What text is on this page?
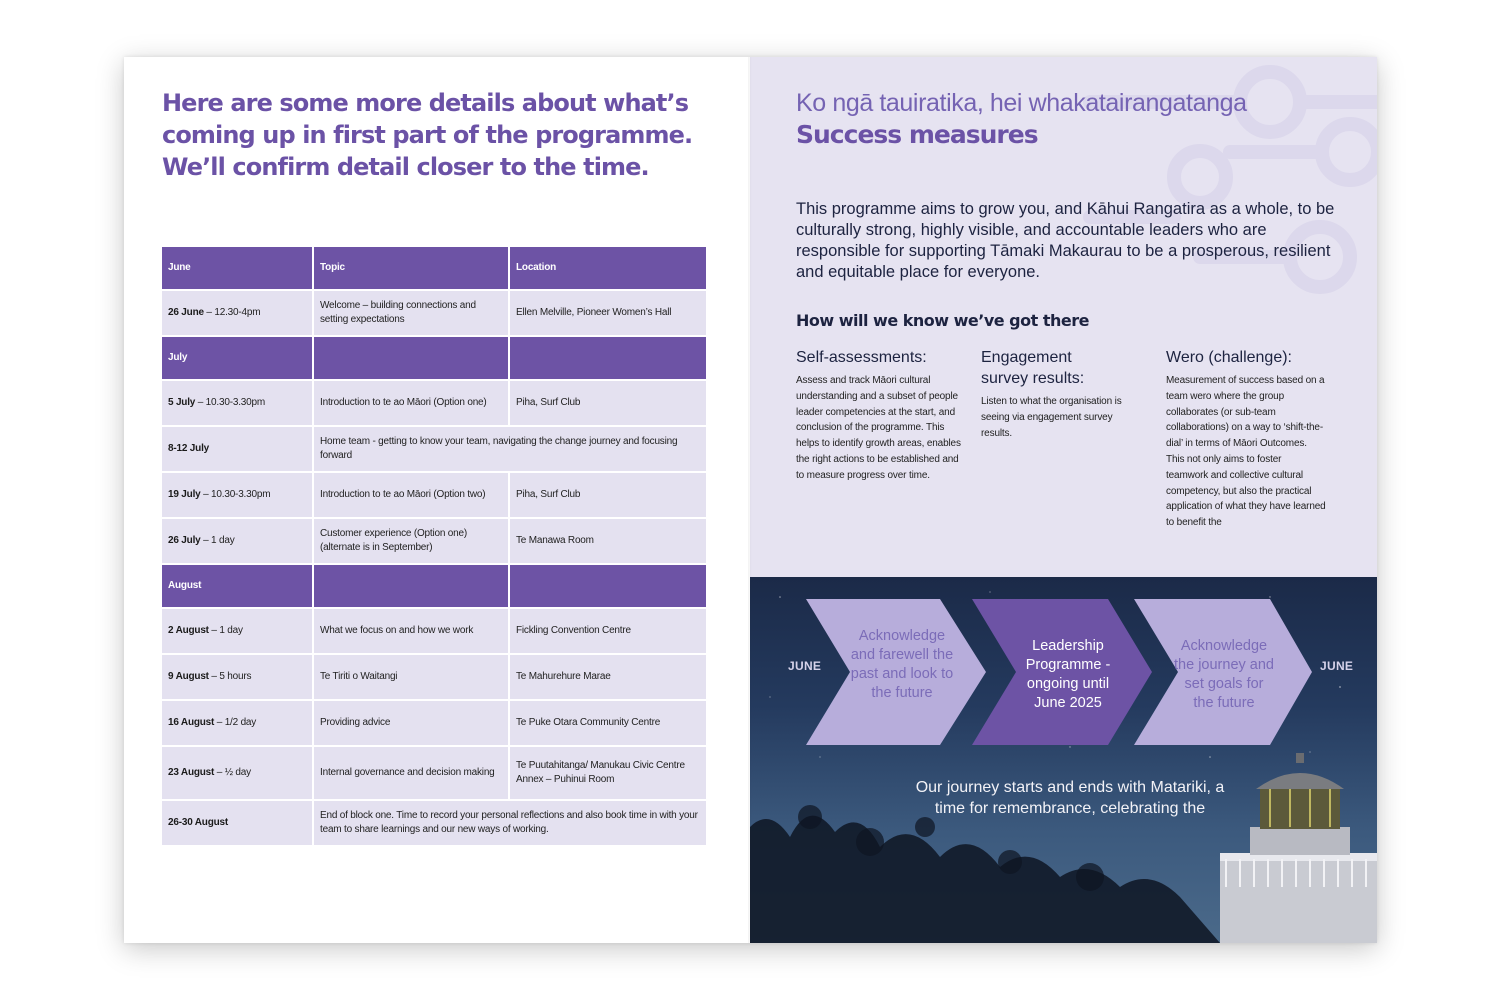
Here are some more details about what’s
coming up in first part of the programme.
We’ll confirm detail closer to the time.
June	Topic	Location
26 June – 12.30-4pm	Welcome – building connections and setting expectations	Ellen Melville, Pioneer Women’s Hall
July		
5 July – 10.30-3.30pm	Introduction to te ao Māori (Option one)	Piha, Surf Club
8-12 July	Home team - getting to know your team, navigating the change journey and focusing forward	
19 July – 10.30-3.30pm	Introduction to te ao Māori (Option two)	Piha, Surf Club
26 July – 1 day	Customer experience (Option one) (alternate is in September)	Te Manawa Room
August		
2 August – 1 day	What we focus on and how we work	Fickling Convention Centre
9 August – 5 hours	Te Tiriti o Waitangi	Te Mahurehure Marae
16 August – 1/2 day	Providing advice	Te Puke Otara Community Centre
23 August – ½ day	Internal governance and decision making	Te Puutahitanga/ Manukau Civic Centre Annex – Puhinui Room
26-30 August	End of block one. Time to record your personal reflections and also book time in with your team to share learnings and our new ways of working.	
Ko ngā tauiratika, hei whakatairangatanga
Success measures

This programme aims to grow you, and Kāhui Rangatira as a whole, to be culturally strong, highly visible, and accountable leaders who are responsible for supporting Tāmaki Makaurau to be a prosperous, resilient and equitable place for everyone.

How will we know we’ve got there
Self-assessments:
Assess and track Māori cultural understanding and a subset of people leader competencies at the start, and conclusion of the programme. This helps to identify growth areas, enables the right actions to be established and to measure progress over time.
Engagement survey results:
Listen to what the organisation is seeing via engagement survey results.
Wero (challenge):
Measurement of success based on a team wero where the group collaborates (or sub-team collaborations) on a way to ‘shift-the-dial’ in terms of Māori Outcomes. This not only aims to foster teamwork and collective cultural competency, but also the practical application of what they have learned to benefit the
JUNE	JUNE
Acknowledge and farewell the past and look to the future
Leadership Programme - ongoing until June 2025
Acknowledge the journey and set goals for the future
Our journey starts and ends with Matariki, a time for remembrance, celebrating the
